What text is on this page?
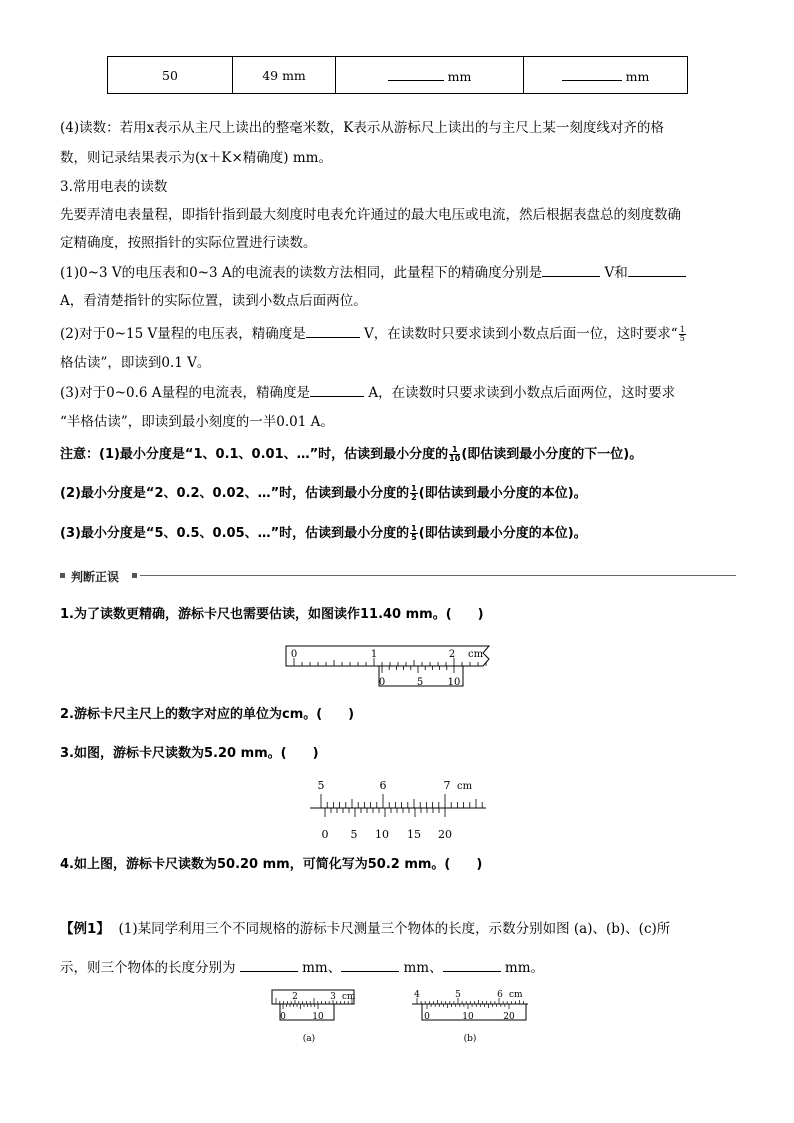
50	49 mm	mm	mm
(4)读数：若用x表示从主尺上读出的整毫米数，K表示从游标尺上读出的与主尺上某一刻度线对齐的格
数，则记录结果表示为(x＋K×精确度) mm。
3.常用电表的读数
先要弄清电表量程，即指针指到最大刻度时电表允许通过的最大电压或电流，然后根据表盘总的刻度数确
定精确度，按照指针的实际位置进行读数。
(1)0~3 V的电压表和0~3 A的电流表的读数方法相同，此量程下的精确度分别是	V和
A，看清楚指针的实际位置，读到小数点后面两位。
(2)对于0~15 V量程的电压表，精确度是	V，在读数时只要求读到小数点后面一位，这时要求“ $\frac{1}{5}$
格估读”，即读到0.1 V。
(3)对于0~0.6 A量程的电流表，精确度是	A，在读数时只要求读到小数点后面两位，这时要求
“半格估读”，即读到最小刻度的一半0.01 A。
注意：(1)最小分度是“1、0.1、0.01、…”时，估读到最小分度的 $\frac{1}{10}$ (即估读到最小分度的下一位)。
(2)最小分度是“2、0.2、0.02、…”时，估读到最小分度的 $\frac{1}{2}$ (即估读到最小分度的本位)。
(3)最小分度是“5、0.5、0.05、…”时，估读到最小分度的 $\frac{1}{5}$ (即估读到最小分度的本位)。
判断正误
1.为了读数更精确，游标卡尺也需要估读，如图读作11.40 mm。(　　)
0	1	2 cm
0	5 10
2.游标卡尺主尺上的数字对应的单位为cm。(　　)
3.如图，游标卡尺读数为5.20 mm。(　　)
5	6	7 cm
0 5 10 15 20
4.如上图，游标卡尺读数为50.20 mm，可简化写为50.2 mm。(　　)
【例1】 (1)某同学利用三个不同规格的游标卡尺测量三个物体的长度，示数分别如图 (a)、(b)、(c)所
示，则三个物体的长度分别为	mm、	mm、	mm。
2	3 cm
0	10
(a)
4	5	6 cm
0	10	20
(b)
